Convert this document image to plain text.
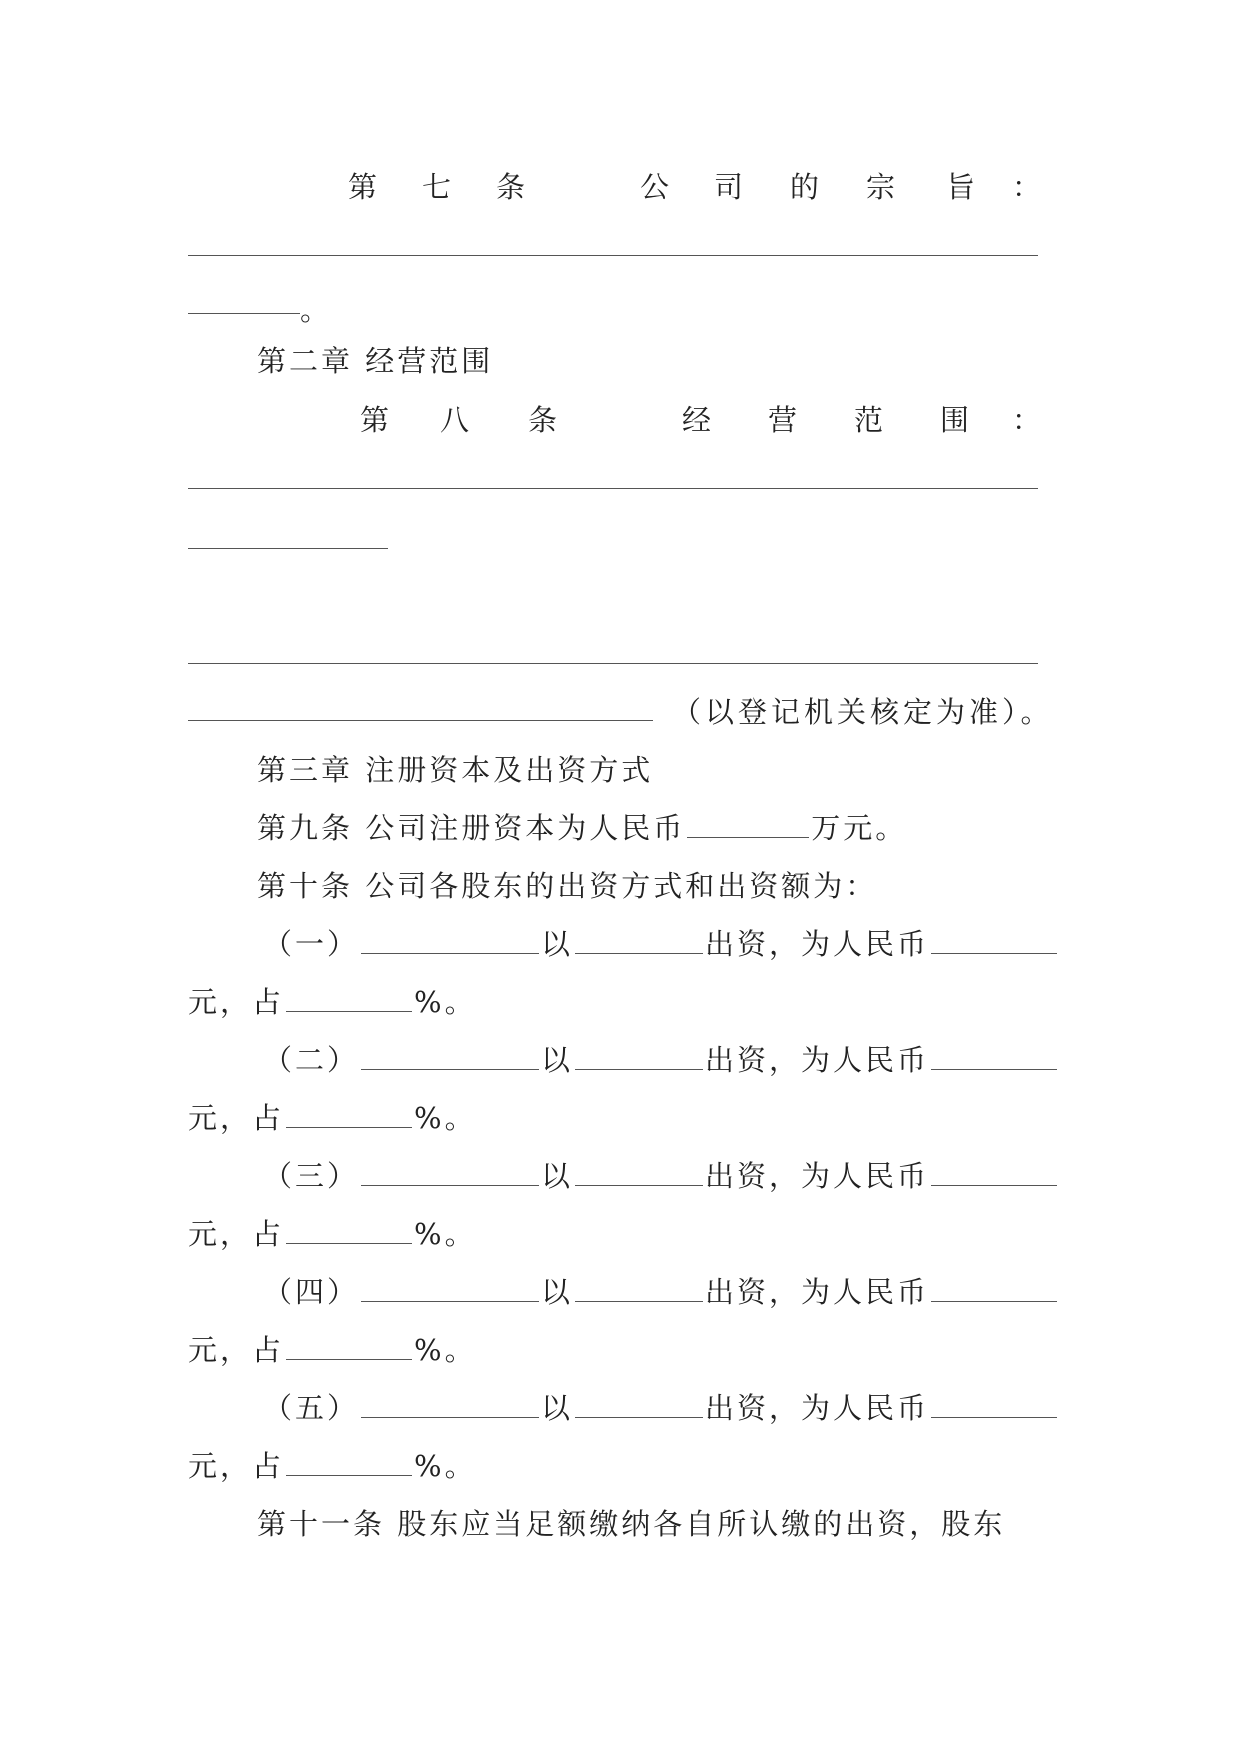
第 七 条	公 司 的 宗 旨 ：
。
第二章 经营范围
第 八 条	经 营 范 围 ：
（以登记机关核定为准）。
第三章 注册资本及出资方式
第九条 公司注册资本为人民币	万元。
第十条 公司各股东的出资方式和出资额为：
（一）	以	出资，为人民币
元，占	%。
（二）	以	出资，为人民币
元，占	%。
（三）	以	出资，为人民币
元，占	%。
（四）	以	出资，为人民币
元，占	%。
（五）	以	出资，为人民币
元，占	%。
第十一条 股东应当足额缴纳各自所认缴的出资，股东
